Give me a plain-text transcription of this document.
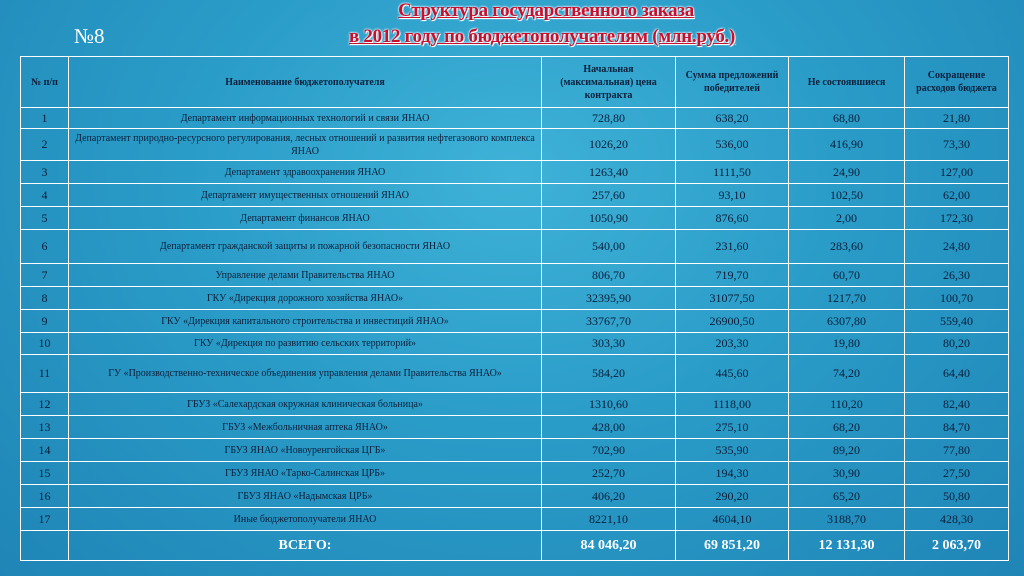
№8
Структура государственного заказа
в 2012 году по бюджетополучателям (млн.руб.)
№ п/п	Наименование бюджетополучателя	Начальная (максимальная) цена контракта	Сумма предложений победителей	Не состоявшиеся	Сокращение расходов бюджета
1	Департамент информационных технологий и связи ЯНАО	728,80	638,20	68,80	21,80
2	Департамент природно-ресурсного регулирования, лесных отношений и развития нефтегазового комплекса ЯНАО	1026,20	536,00	416,90	73,30
3	Департамент здравоохранения ЯНАО	1263,40	1111,50	24,90	127,00
4	Департамент имущественных отношений ЯНАО	257,60	93,10	102,50	62,00
5	Департамент финансов ЯНАО	1050,90	876,60	2,00	172,30
6	Департамент гражданской защиты и пожарной безопасности ЯНАО	540,00	231,60	283,60	24,80
7	Управление делами Правительства ЯНАО	806,70	719,70	60,70	26,30
8	ГКУ «Дирекция дорожного хозяйства ЯНАО»	32395,90	31077,50	1217,70	100,70
9	ГКУ «Дирекция капитального строительства и инвестиций ЯНАО»	33767,70	26900,50	6307,80	559,40
10	ГКУ «Дирекция по развитию сельских территорий»	303,30	203,30	19,80	80,20
11	ГУ «Производственно-техническое объединения управления делами Правительства ЯНАО»	584,20	445,60	74,20	64,40
12	ГБУЗ «Салехардская окружная клиническая больница»	1310,60	1118,00	110,20	82,40
13	ГБУЗ «Межбольничная аптека ЯНАО»	428,00	275,10	68,20	84,70
14	ГБУЗ ЯНАО «Новоуренгойская ЦГБ»	702,90	535,90	89,20	77,80
15	ГБУЗ ЯНАО «Тарко-Салинская ЦРБ»	252,70	194,30	30,90	27,50
16	ГБУЗ ЯНАО «Надымская ЦРБ»	406,20	290,20	65,20	50,80
17	Иные бюджетополучатели ЯНАО	8221,10	4604,10	3188,70	428,30
	ВСЕГО:	84 046,20	69 851,20	12 131,30	2 063,70
